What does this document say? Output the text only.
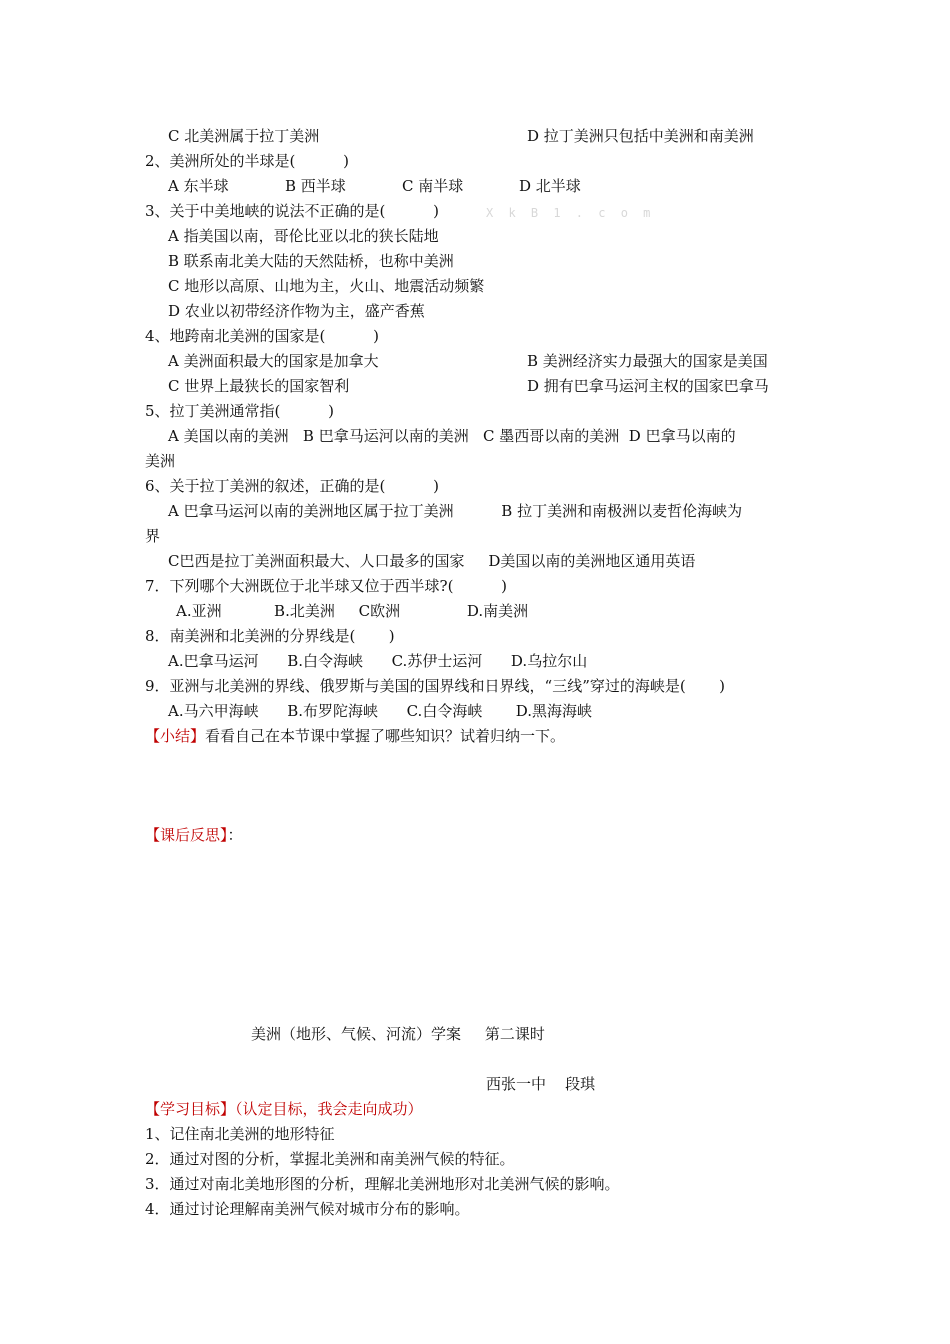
C 北美洲属于拉丁美洲	D 拉丁美洲只包括中美洲和南美洲
2、美洲所处的半球是(          )
A 东半球	B 西半球	C 南半球	D 北半球
3、关于中美地峡的说法不正确的是(          )	X k B 1 . c o m
A 指美国以南，哥伦比亚以北的狭长陆地
B 联系南北美大陆的天然陆桥，也称中美洲
C 地形以高原、山地为主，火山、地震活动频繁
D 农业以初带经济作物为主，盛产香蕉
4、地跨南北美洲的国家是(          )
A 美洲面积最大的国家是加拿大	B 美洲经济实力最强大的国家是美国
C 世界上最狭长的国家智利	D 拥有巴拿马运河主权的国家巴拿马
5、拉丁美洲通常指(          )
A 美国以南的美洲   B 巴拿马运河以南的美洲   C 墨西哥以南的美洲  D 巴拿马以南的
美洲
6、关于拉丁美洲的叙述，正确的是(          )
A 巴拿马运河以南的美洲地区属于拉丁美洲          B 拉丁美洲和南极洲以麦哲伦海峡为
界
C巴西是拉丁美洲面积最大、人口最多的国家     D美国以南的美洲地区通用英语
7．下列哪个大洲既位于北半球又位于西半球?(          )
A.亚洲           B.北美洲     C欧洲              D.南美洲
8．南美洲和北美洲的分界线是(       )
A.巴拿马运河      B.白令海峡      C.苏伊士运河      D.乌拉尔山
9．亚洲与北美洲的界线、俄罗斯与美国的国界线和日界线，“三线”穿过的海峡是(       )
A.马六甲海峡      B.布罗陀海峡      C.白令海峡       D.黑海海峡
【小结】看看自己在本节课中掌握了哪些知识？试着归纳一下。
【课后反思】：
美洲（地形、气候、河流）学案     第二课时
西张一中    段琪
【学习目标】（认定目标，我会走向成功）
1、记住南北美洲的地形特征
2．通过对图的分析，掌握北美洲和南美洲气候的特征。
3．通过对南北美地形图的分析，理解北美洲地形对北美洲气候的影响。
4．通过讨论理解南美洲气候对城市分布的影响。
